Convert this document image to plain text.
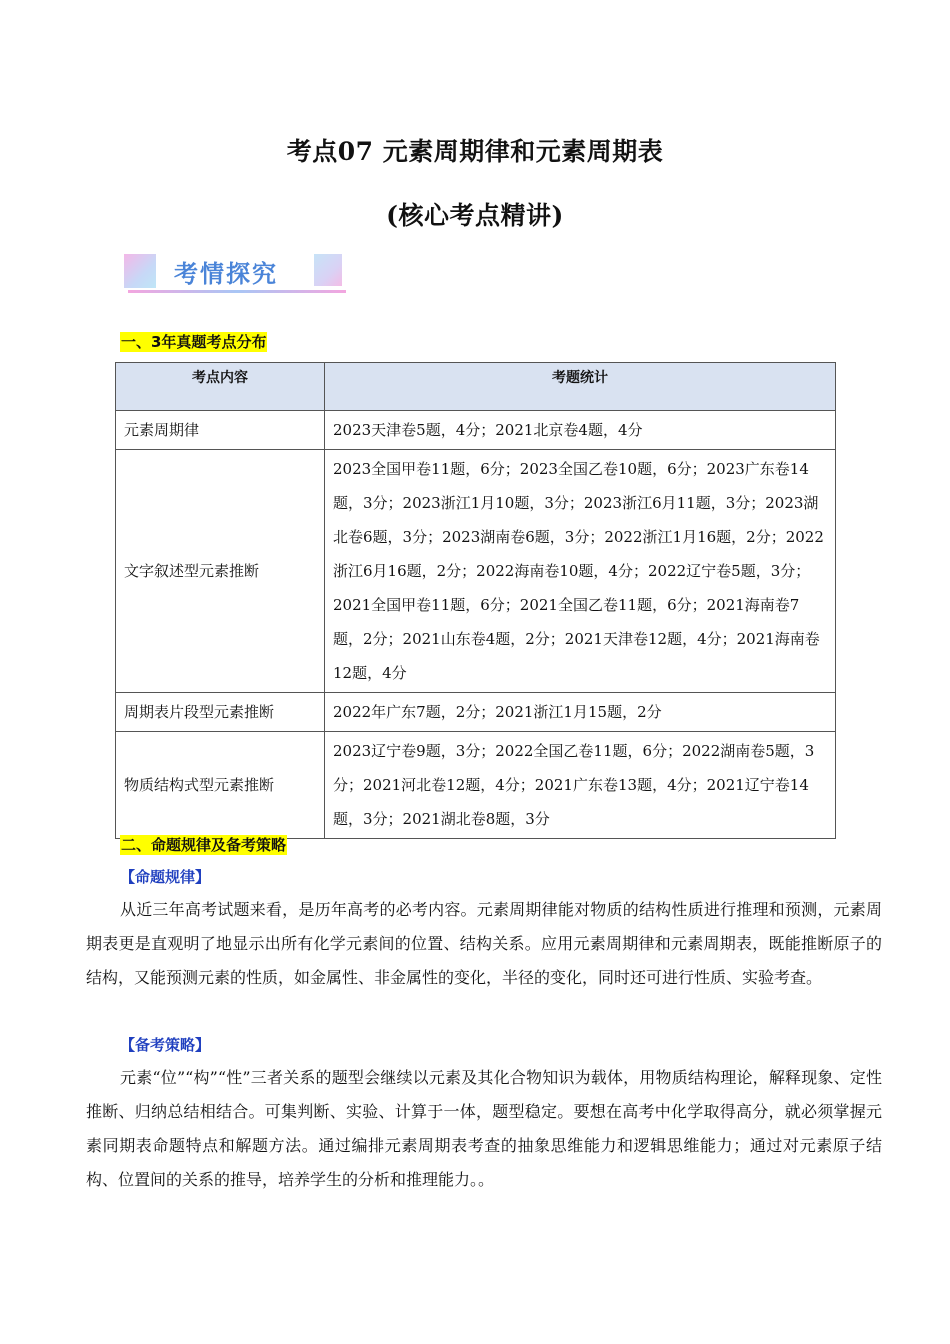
考点07 元素周期律和元素周期表
(核心考点精讲)
考情探究
一、3年真题考点分布
考点内容	考题统计
元素周期律	2023天津卷5题，4分；2021北京卷4题，4分
文字叙述型元素推断	2023全国甲卷11题，6分；2023全国乙卷10题，6分；2023广东卷14题，3分；2023浙江1月10题，3分；2023浙江6月11题，3分；2023湖北卷6题，3分；2023湖南卷6题，3分；2022浙江1月16题，2分；2022浙江6月16题，2分；2022海南卷10题，4分；2022辽宁卷5题，3分；2021全国甲卷11题，6分；2021全国乙卷11题，6分；2021海南卷7题，2分；2021山东卷4题，2分；2021天津卷12题，4分；2021海南卷12题，4分
周期表片段型元素推断	2022年广东7题，2分；2021浙江1月15题，2分
物质结构式型元素推断	2023辽宁卷9题，3分；2022全国乙卷11题，6分；2022湖南卷5题，3分；2021河北卷12题，4分；2021广东卷13题，4分；2021辽宁卷14题，3分；2021湖北卷8题，3分
二、命题规律及备考策略
【命题规律】
从近三年高考试题来看，是历年高考的必考内容。元素周期律能对物质的结构性质进行推理和预测，元素周期表更是直观明了地显示出所有化学元素间的位置、结构关系。应用元素周期律和元素周期表，既能推断原子的结构，又能预测元素的性质，如金属性、非金属性的变化，半径的变化，同时还可进行性质、实验考查。
【备考策略】
元素“位”“构”“性”三者关系的题型会继续以元素及其化合物知识为载体，用物质结构理论，解释现象、定性推断、归纳总结相结合。可集判断、实验、计算于一体，题型稳定。要想在高考中化学取得高分，就必须掌握元素同期表命题特点和解题方法。通过编排元素周期表考查的抽象思维能力和逻辑思维能力；通过对元素原子结构、位置间的关系的推导，培养学生的分析和推理能力。。
